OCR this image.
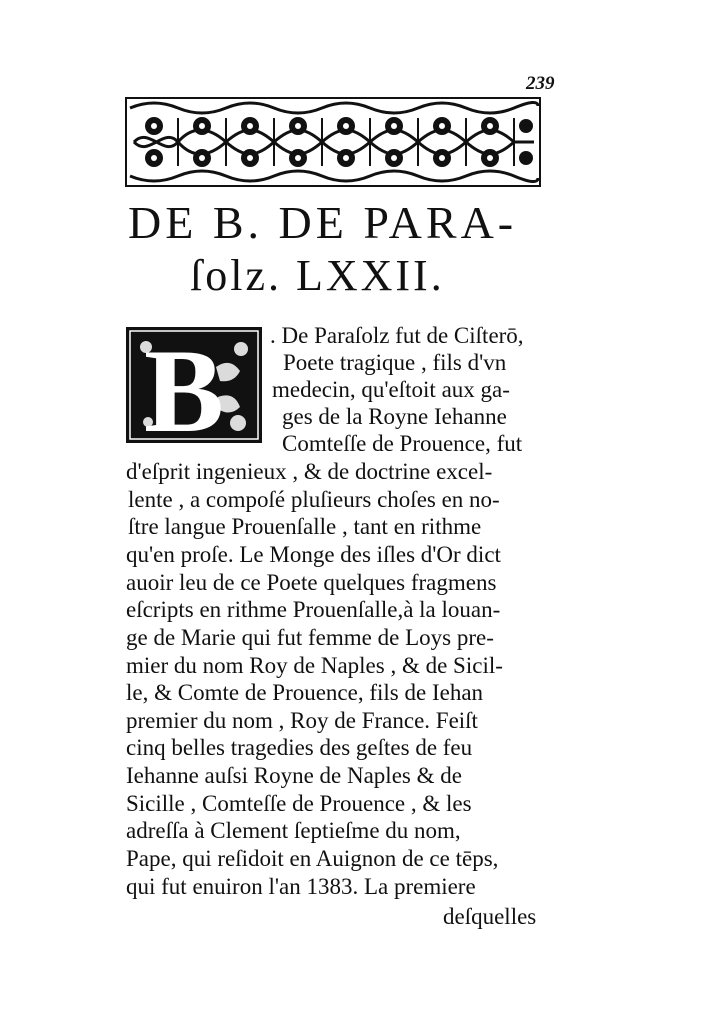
239
DE B. DE PARA-
ſolz. LXXII.
B . De Paraſolz fut de Ciſterō,
Poete tragique , fils d'vn
medecin, qu'eſtoit aux ga-
ges de la Royne Iehanne
Comteſſe de Prouence, fut
d'eſprit ingenieux , & de doctrine excel-
lente , a compoſé pluſieurs choſes en no-
ſtre langue Prouenſalle , tant en rithme
qu'en proſe. Le Monge des iſles d'Or dict
auoir leu de ce Poete quelques fragmens
eſcripts en rithme Prouenſalle,à la louan-
ge de Marie qui fut femme de Loys pre-
mier du nom Roy de Naples , & de Sicil-
le, & Comte de Prouence, fils de Iehan
premier du nom , Roy de France. Feiſt
cinq belles tragedies des geſtes de feu
Iehanne auſsi Royne de Naples & de
Sicille , Comteſſe de Prouence , & les
adreſſa à Clement ſeptieſme du nom,
Pape, qui reſidoit en Auignon de ce tēps,
qui fut enuiron l'an 1383. La premiere
deſquelles
